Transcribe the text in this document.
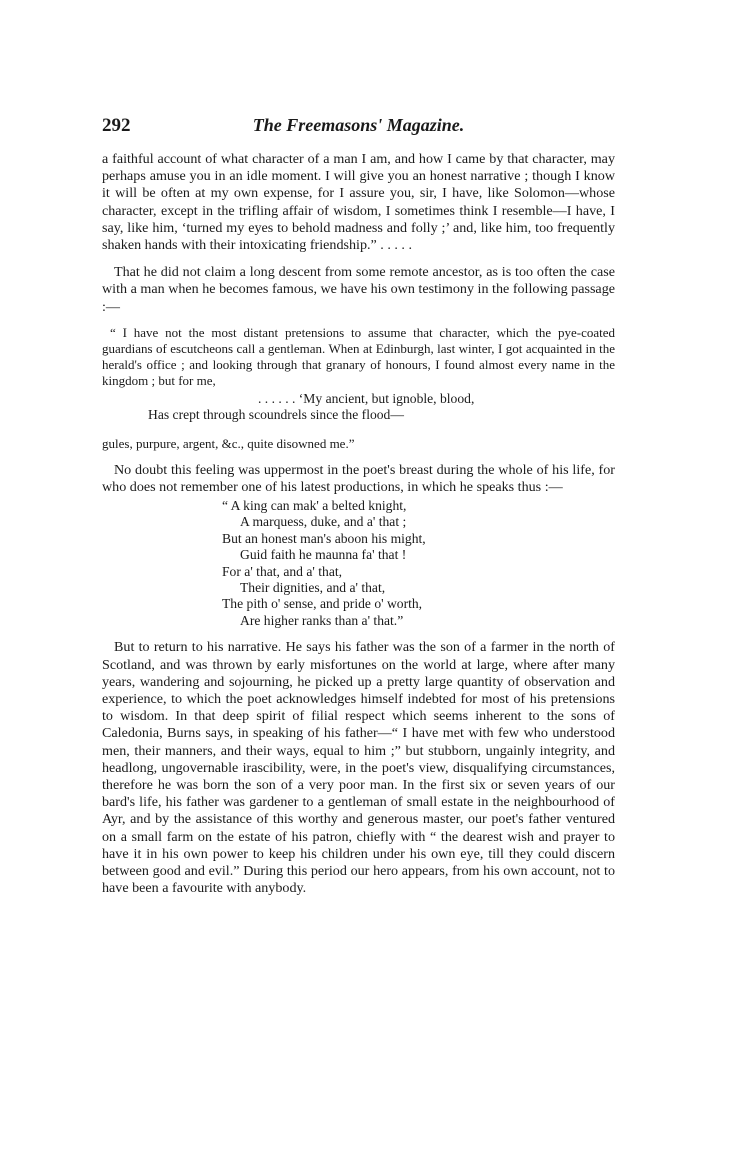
292	The Freemasons' Magazine.

a faithful account of what character of a man I am, and how I came by that character, may perhaps amuse you in an idle moment. I will give you an honest narrative ; though I know it will be often at my own expense, for I assure you, sir, I have, like Solomon—whose character, except in the trifling affair of wisdom, I sometimes think I resemble—I have, I say, like him, ‘turned my eyes to behold madness and folly ;’ and, like him, too frequently shaken hands with their intoxicating friendship.” . . . . .

That he did not claim a long descent from some remote ancestor, as is too often the case with a man when he becomes famous, we have his own testimony in the following passage :—

“ I have not the most distant pretensions to assume that character, which the pye-coated guardians of escutcheons call a gentleman. When at Edinburgh, last winter, I got acquainted in the herald's office ; and looking through that granary of honours, I found almost every name in the kingdom ; but for me,

. . . . . . ‘My ancient, but ignoble, blood,
Has crept through scoundrels since the flood—

gules, purpure, argent, &c., quite disowned me.”

No doubt this feeling was uppermost in the poet's breast during the whole of his life, for who does not remember one of his latest productions, in which he speaks thus :—

“ A king can mak' a belted knight,
A marquess, duke, and a' that ;
But an honest man's aboon his might,
Guid faith he maunna fa' that !
For a' that, and a' that,
Their dignities, and a' that,
The pith o' sense, and pride o' worth,
Are higher ranks than a' that.”

But to return to his narrative. He says his father was the son of a farmer in the north of Scotland, and was thrown by early misfortunes on the world at large, where after many years, wandering and sojourning, he picked up a pretty large quantity of observation and experience, to which the poet acknowledges himself indebted for most of his pretensions to wisdom. In that deep spirit of filial respect which seems inherent to the sons of Caledonia, Burns says, in speaking of his father—“ I have met with few who understood men, their manners, and their ways, equal to him ;” but stubborn, ungainly integrity, and headlong, ungovernable irascibility, were, in the poet's view, disqualifying circumstances, therefore he was born the son of a very poor man. In the first six or seven years of our bard's life, his father was gardener to a gentleman of small estate in the neighbourhood of Ayr, and by the assistance of this worthy and generous master, our poet's father ventured on a small farm on the estate of his patron, chiefly with “ the dearest wish and prayer to have it in his own power to keep his children under his own eye, till they could discern between good and evil.” During this period our hero appears, from his own account, not to have been a favourite with anybody.
